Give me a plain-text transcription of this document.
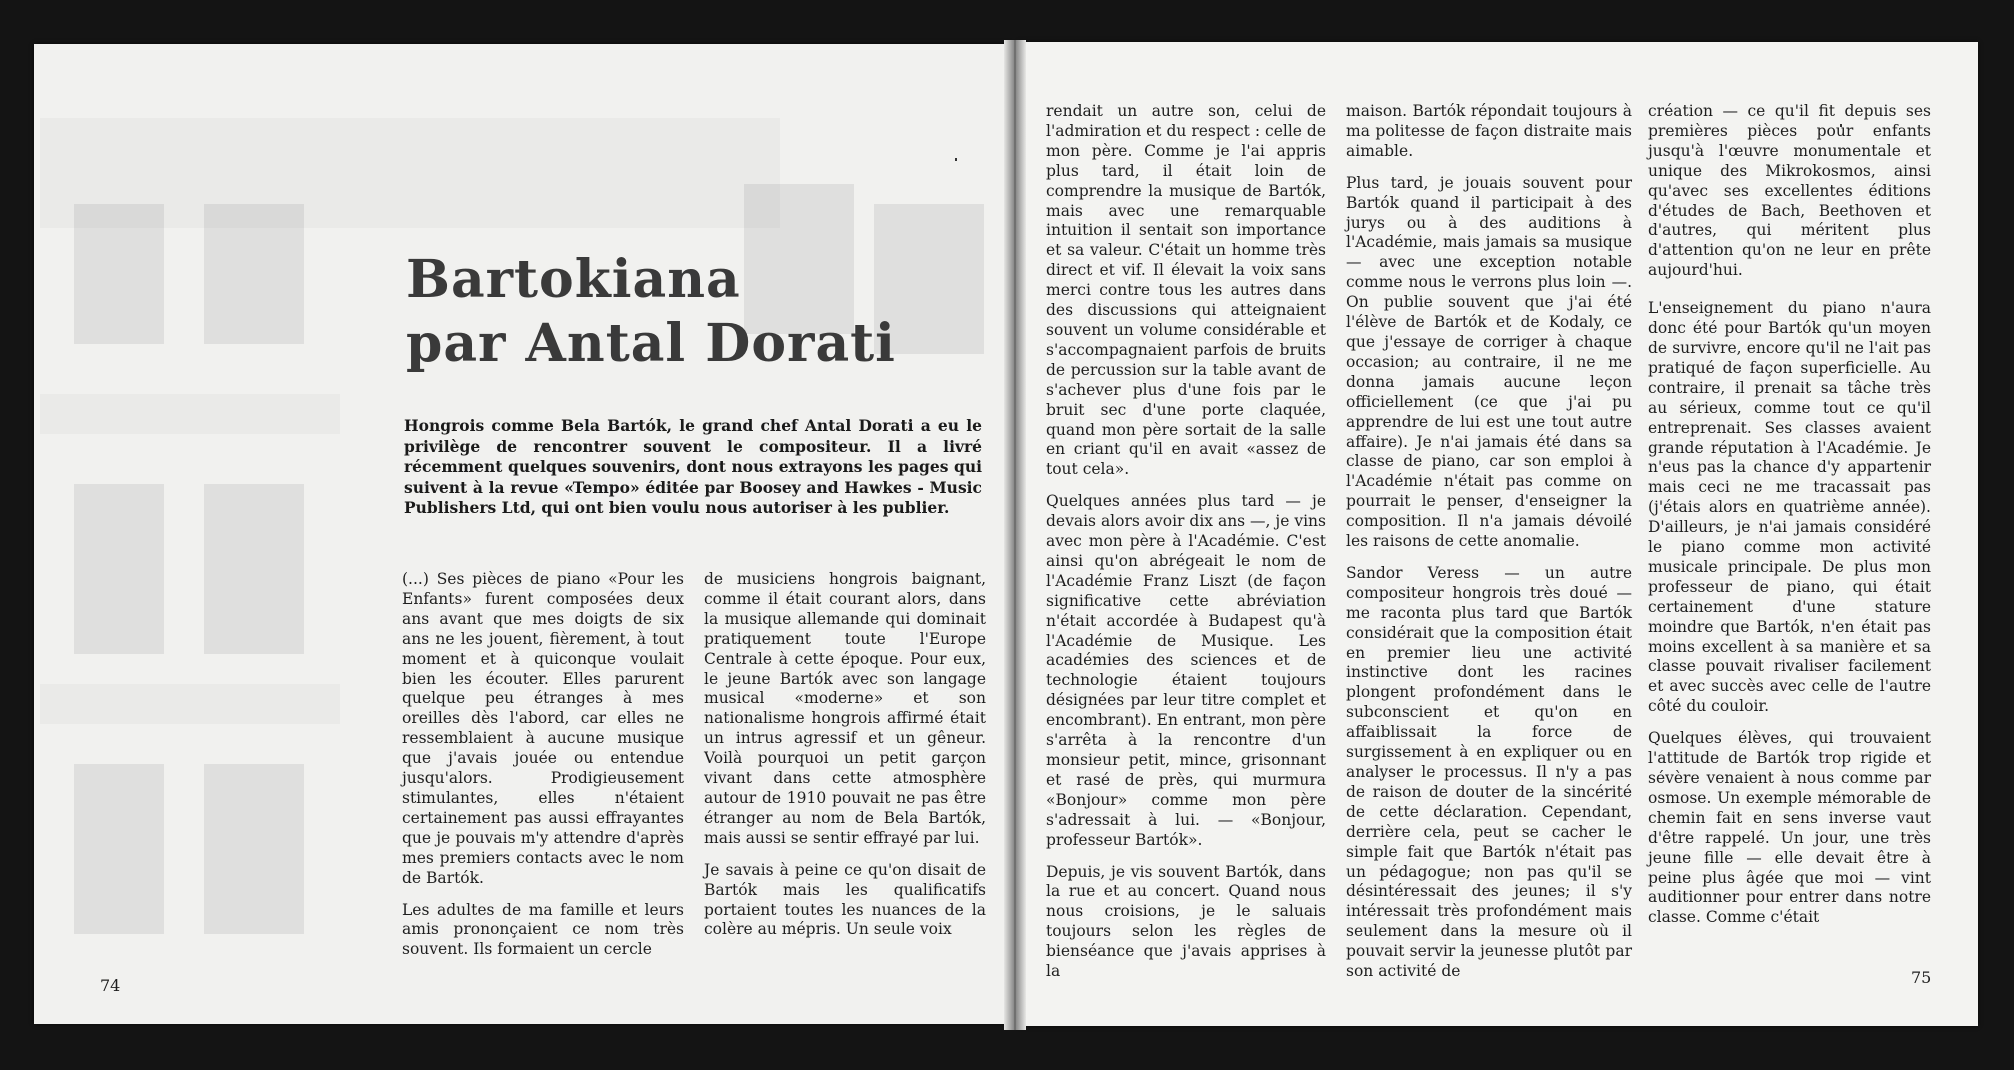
Bartokiana
par Antal Dorati

Hongrois comme Bela Bartók, le grand chef Antal Dorati a eu le privilège de rencontrer souvent le compositeur. Il a livré récemment quelques souvenirs, dont nous extrayons les pages qui suivent à la revue «Tempo» éditée par Boosey and Hawkes - Music Publishers Ltd, qui ont bien voulu nous autoriser à les publier.

(...) Ses pièces de piano «Pour les Enfants» furent composées deux ans avant que mes doigts de six ans ne les jouent, fièrement, à tout moment et à quiconque voulait bien les écouter. Elles parurent quelque peu étranges à mes oreilles dès l'abord, car elles ne ressemblaient à aucune musique que j'avais jouée ou entendue jusqu'alors. Prodigieusement stimulantes, elles n'étaient certainement pas aussi effrayantes que je pouvais m'y attendre d'après mes premiers contacts avec le nom de Bartók.

Les adultes de ma famille et leurs amis prononçaient ce nom très souvent. Ils formaient un cercle

de musiciens hongrois baignant, comme il était courant alors, dans la musique allemande qui dominait pratiquement toute l'Europe Centrale à cette époque. Pour eux, le jeune Bartók avec son langage musical «moderne» et son nationalisme hongrois affirmé était un intrus agressif et un gêneur. Voilà pourquoi un petit garçon vivant dans cette atmosphère autour de 1910 pouvait ne pas être étranger au nom de Bela Bartók, mais aussi se sentir effrayé par lui.

Je savais à peine ce qu'on disait de Bartók mais les qualificatifs portaient toutes les nuances de la colère au mépris. Un seule voix

rendait un autre son, celui de l'admiration et du respect : celle de mon père. Comme je l'ai appris plus tard, il était loin de comprendre la musique de Bartók, mais avec une remarquable intuition il sentait son importance et sa valeur. C'était un homme très direct et vif. Il élevait la voix sans merci contre tous les autres dans des discussions qui atteignaient souvent un volume considérable et s'accompagnaient parfois de bruits de percussion sur la table avant de s'achever plus d'une fois par le bruit sec d'une porte claquée, quand mon père sortait de la salle en criant qu'il en avait «assez de tout cela».

Quelques années plus tard — je devais alors avoir dix ans —, je vins avec mon père à l'Académie. C'est ainsi qu'on abrégeait le nom de l'Académie Franz Liszt (de façon significative cette abréviation n'était accordée à Budapest qu'à l'Académie de Musique. Les académies des sciences et de technologie étaient toujours désignées par leur titre complet et encombrant). En entrant, mon père s'arrêta à la rencontre d'un monsieur petit, mince, grisonnant et rasé de près, qui murmura «Bonjour» comme mon père s'adressait à lui. — «Bonjour, professeur Bartók».

Depuis, je vis souvent Bartók, dans la rue et au concert. Quand nous nous croisions, je le saluais toujours selon les règles de bienséance que j'avais apprises à la

maison. Bartók répondait toujours à ma politesse de façon distraite mais aimable.

Plus tard, je jouais souvent pour Bartók quand il participait à des jurys ou à des auditions à l'Académie, mais jamais sa musique — avec une exception notable comme nous le verrons plus loin —. On publie souvent que j'ai été l'élève de Bartók et de Kodaly, ce que j'essaye de corriger à chaque occasion; au contraire, il ne me donna jamais aucune leçon officiellement (ce que j'ai pu apprendre de lui est une tout autre affaire). Je n'ai jamais été dans sa classe de piano, car son emploi à l'Académie n'était pas comme on pourrait le penser, d'enseigner la composition. Il n'a jamais dévoilé les raisons de cette anomalie.

Sandor Veress — un autre compositeur hongrois très doué — me raconta plus tard que Bartók considérait que la composition était en premier lieu une activité instinctive dont les racines plongent profondément dans le subconscient et qu'on en affaiblissait la force de surgissement à en expliquer ou en analyser le processus. Il n'y a pas de raison de douter de la sincérité de cette déclaration. Cependant, derrière cela, peut se cacher le simple fait que Bartók n'était pas un pédagogue; non pas qu'il se désintéressait des jeunes; il s'y intéressait très profondément mais seulement dans la mesure où il pouvait servir la jeunesse plutôt par son activité de

création — ce qu'il fit depuis ses premières pièces pour enfants jusqu'à l'œuvre monumentale et unique des Mikrokosmos, ainsi qu'avec ses excellentes éditions d'études de Bach, Beethoven et d'autres, qui méritent plus d'attention qu'on ne leur en prête aujourd'hui.

L'enseignement du piano n'aura donc été pour Bartók qu'un moyen de survivre, encore qu'il ne l'ait pas pratiqué de façon superficielle. Au contraire, il prenait sa tâche très au sérieux, comme tout ce qu'il entreprenait. Ses classes avaient grande réputation à l'Académie. Je n'eus pas la chance d'y appartenir mais ceci ne me tracassait pas (j'étais alors en quatrième année). D'ailleurs, je n'ai jamais considéré le piano comme mon activité musicale principale. De plus mon professeur de piano, qui était certainement d'une stature moindre que Bartók, n'en était pas moins excellent à sa manière et sa classe pouvait rivaliser facilement et avec succès avec celle de l'autre côté du couloir.

Quelques élèves, qui trouvaient l'attitude de Bartók trop rigide et sévère venaient à nous comme par osmose. Un exemple mémorable de chemin fait en sens inverse vaut d'être rappelé. Un jour, une très jeune fille — elle devait être à peine plus âgée que moi — vint auditionner pour entrer dans notre classe. Comme c'était

74	75
